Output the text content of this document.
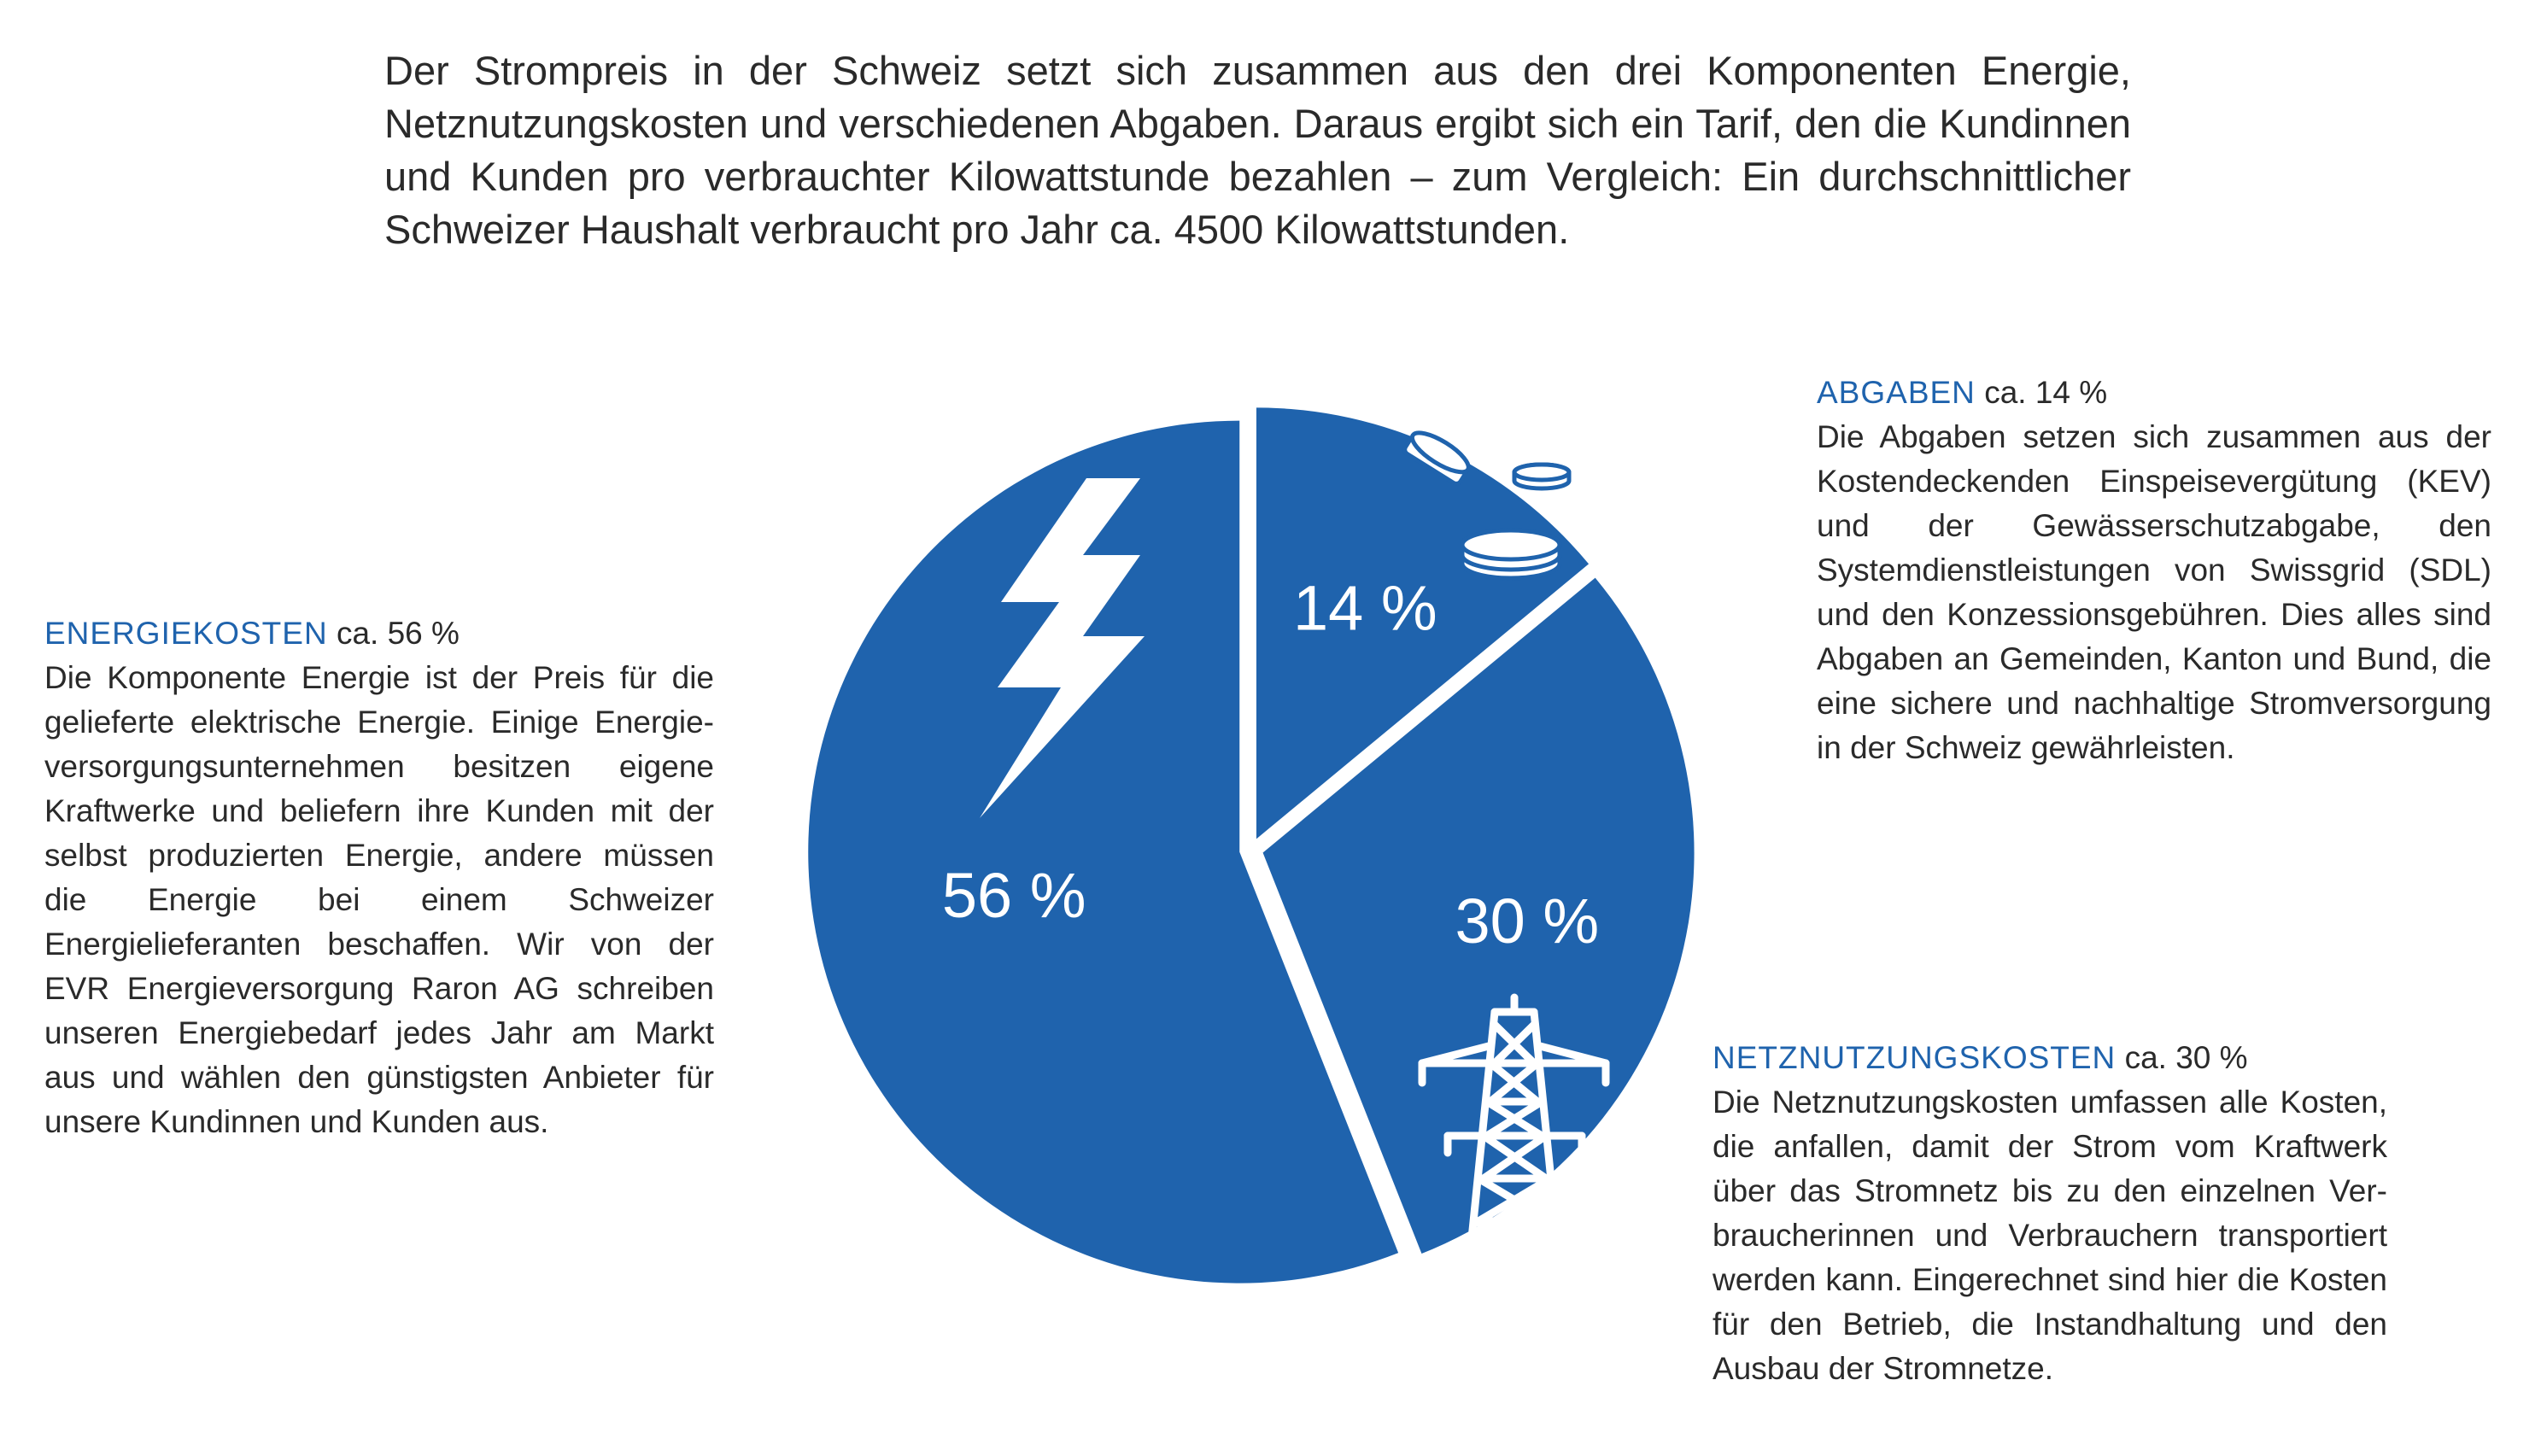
Der Strompreis in der Schweiz setzt sich zusammen aus den drei Komponenten Energie, Netznutzungskosten und verschiedenen Abgaben. Daraus ergibt sich ein Tarif, den die Kundinnen und Kunden pro verbrauchter Kilowattstunde bezahlen – zum Vergleich: Ein durchschnittlicher Schweizer Haushalt verbraucht pro Jahr ca. 4500 Kilowattstunden.

ENERGIEKOSTEN ca. 56 %

Die Komponente Energie ist der Preis für die gelieferte elektrische Energie. Einige Energieversorgungsunternehmen besitzen eigene Kraftwerke und beliefern ihre Kunden mit der selbst produzierten Energie, andere müssen die Energie bei einem Schweizer Energielieferanten beschaffen. Wir von der EVR Energieversorgung Raron AG schreiben unseren Energiebedarf jedes Jahr am Markt aus und wählen den günstigsten Anbieter für unsere Kundinnen und Kunden aus.

ABGABEN ca. 14 %

Die Abgaben setzen sich zusammen aus der Kostendeckenden Einspeisevergütung (KEV) und der Gewässerschutzabgabe, den Systemdienstleistungen von Swissgrid (SDL) und den Konzessionsgebühren. Dies alles sind Abgaben an Gemeinden, Kanton und Bund, die eine sichere und nachhaltige Stromversorgung in der Schweiz gewährleisten.

NETZNUTZUNGSKOSTEN ca. 30 %

Die Netznutzungskosten umfassen alle Kosten, die anfallen, damit der Strom vom Kraftwerk über das Stromnetz bis zu den einzelnen Verbraucherinnen und Verbrauchern transportiert werden kann. Eingerechnet sind hier die Kosten für den Betrieb, die Instandhaltung und den Ausbau der Stromnetze.

14 %
30 %
56 %
